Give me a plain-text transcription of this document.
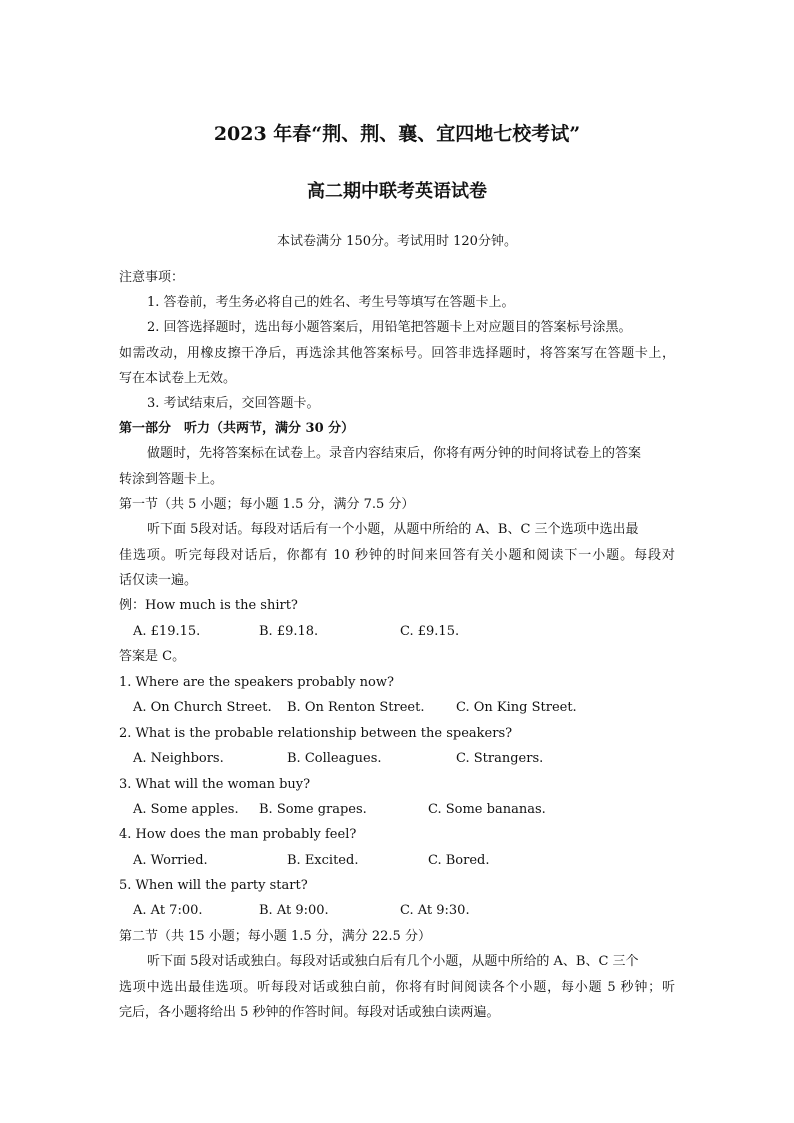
2023 年春“荆、荆、襄、宜四地七校考试”
高二期中联考英语试卷
本试卷满分 150分。考试用时 120分钟。
注意事项：
1. 答卷前，考生务必将自己的姓名、考生号等填写在答题卡上。
2. 回答选择题时，选出每小题答案后，用铅笔把答题卡上对应题目的答案标号涂黑。
如需改动，用橡皮擦干净后，再选涂其他答案标号。回答非选择题时，将答案写在答题卡上，
写在本试卷上无效。
3. 考试结束后，交回答题卡。
第一部分　听力（共两节，满分 30 分）
做题时，先将答案标在试卷上。录音内容结束后，你将有两分钟的时间将试卷上的答案
转涂到答题卡上。
第一节（共 5 小题；每小题 1.5 分，满分 7.5 分）
听下面 5段对话。每段对话后有一个小题，从题中所给的 A、B、C 三个选项中选出最
佳选项。听完每段对话后，你都有 10 秒钟的时间来回答有关小题和阅读下一小题。每段对
话仅读一遍。
例：How much is the shirt?
A. £19.15.	B. £9.18.	C. £9.15.
答案是 C。
1. Where are the speakers probably now?
A. On Church Street. B. On Renton Street. C. On King Street.
2. What is the probable relationship between the speakers?
A. Neighbors.	B. Colleagues.	C. Strangers.
3. What will the woman buy?
A. Some apples. B. Some grapes.	C. Some bananas.
4. How does the man probably feel?
A. Worried.	B. Excited.	C. Bored.
5. When will the party start?
A. At 7:00.	B. At 9:00.	C. At 9:30.
第二节（共 15 小题；每小题 1.5 分，满分 22.5 分）
听下面 5段对话或独白。每段对话或独白后有几个小题，从题中所给的 A、B、C 三个
选项中选出最佳选项。听每段对话或独白前，你将有时间阅读各个小题，每小题 5 秒钟；听
完后，各小题将给出 5 秒钟的作答时间。每段对话或独白读两遍。
